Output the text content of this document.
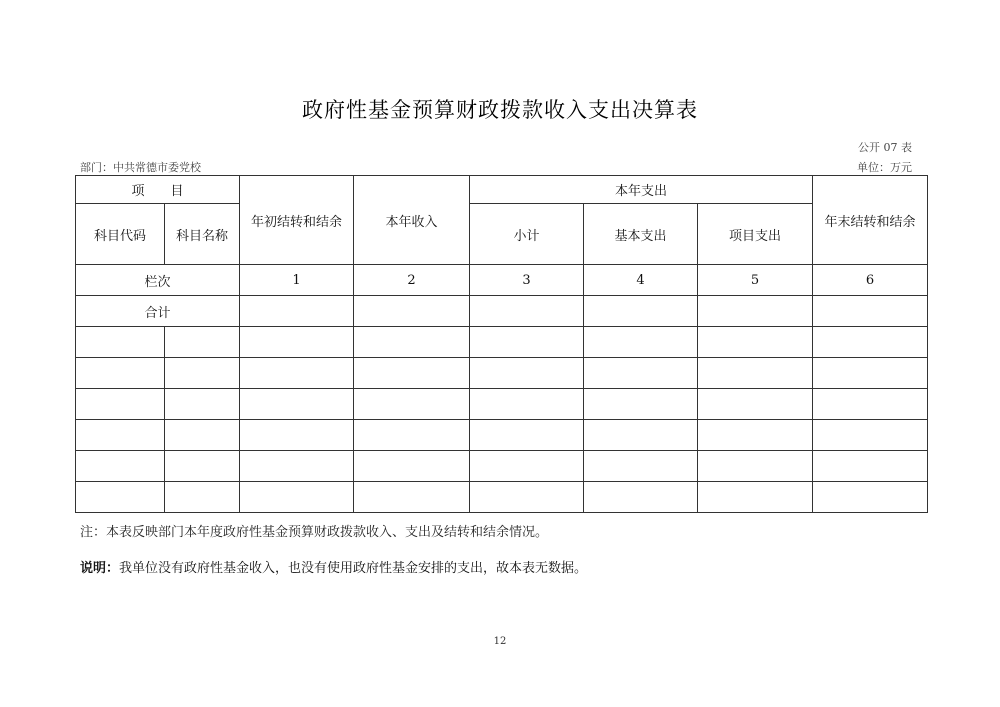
政府性基金预算财政拨款收入支出决算表
公开 07 表
部门：中共常德市委党校	单位：万元
项　　目		年初结转和结余	本年收入	本年支出			年末结转和结余
科目代码	科目名称			小计	基本支出	项目支出	
栏次		1	2	3	4	5	6
合计							

注：本表反映部门本年度政府性基金预算财政拨款收入、支出及结转和结余情况。
说明：我单位没有政府性基金收入，也没有使用政府性基金安排的支出，故本表无数据。
12
